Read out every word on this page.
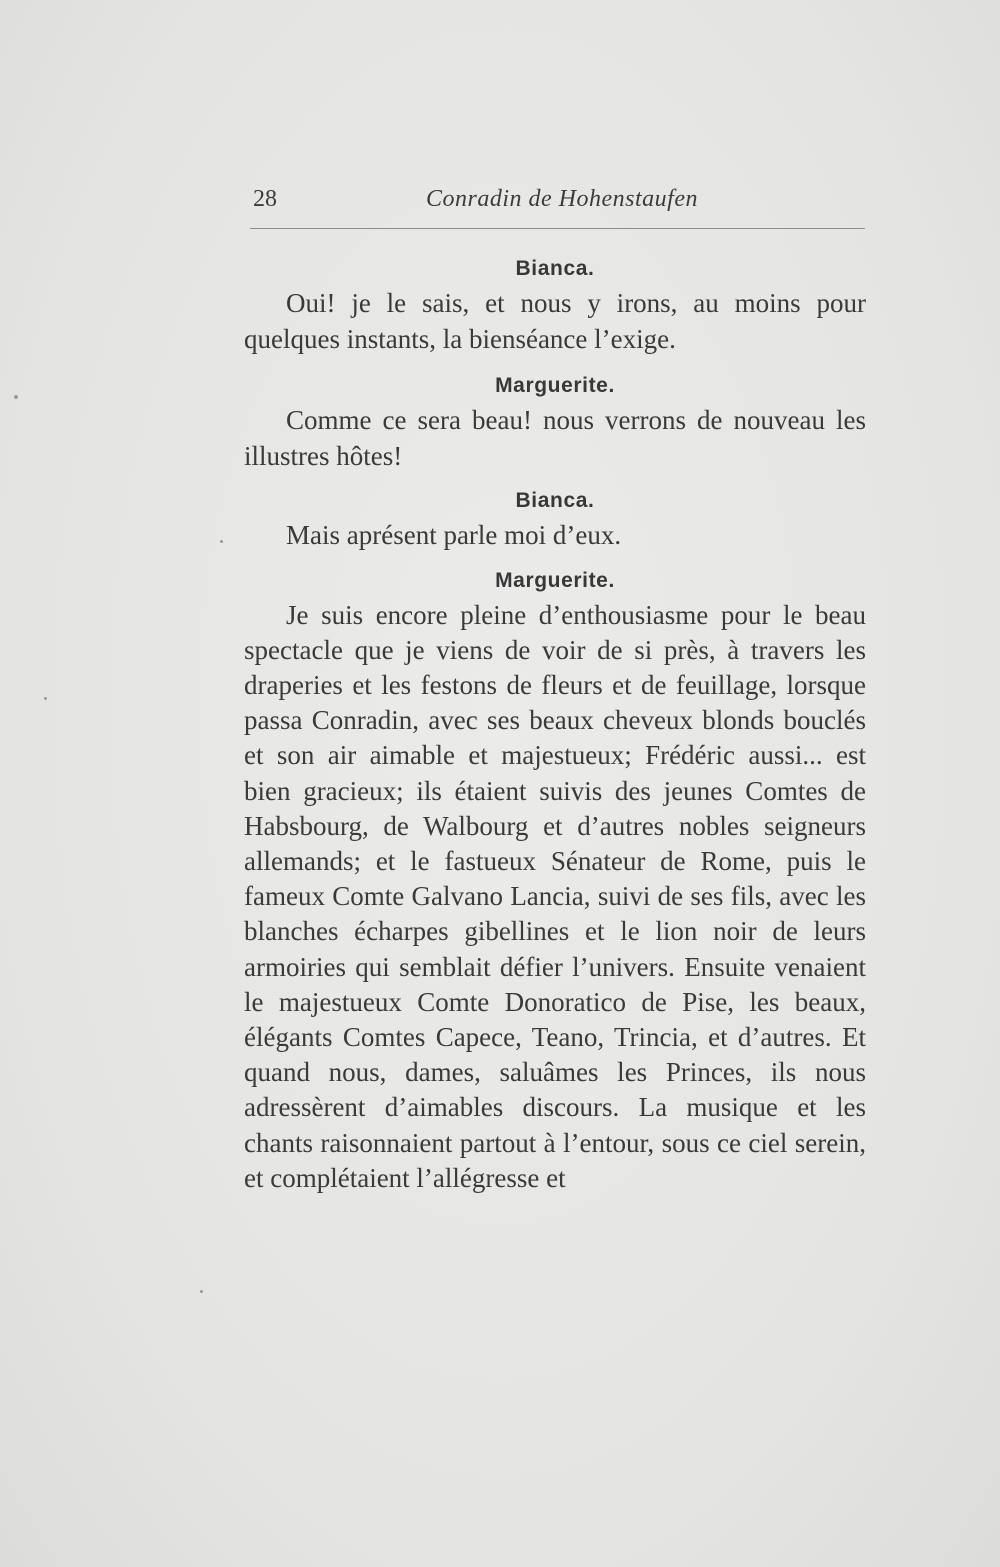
28	Conradin de Hohenstaufen

Bianca.

Oui! je le sais, et nous y irons, au moins pour quelques instants, la bienséance l’exige.

Marguerite.

Comme ce sera beau! nous verrons de nouveau les illustres hôtes!

Bianca.

Mais aprésent parle moi d’eux.

Marguerite.

Je suis encore pleine d’enthousiasme pour le beau spectacle que je viens de voir de si près, à travers les draperies et les festons de fleurs et de feuillage, lorsque passa Conradin, avec ses beaux cheveux blonds bouclés et son air aimable et majestueux; Frédéric aussi... est bien gracieux; ils étaient suivis des jeunes Comtes de Habsbourg, de Walbourg et d’autres nobles seigneurs allemands; et le fastueux Sénateur de Rome, puis le fameux Comte Galvano Lancia, suivi de ses fils, avec les blanches écharpes gibellines et le lion noir de leurs armoiries qui semblait défier l’univers. Ensuite venaient le majestueux Comte Donoratico de Pise, les beaux, élégants Comtes Capece, Teano, Trincia, et d’autres. Et quand nous, dames, saluâmes les Princes, ils nous adressèrent d’aimables discours. La musique et les chants raisonnaient partout à l’entour, sous ce ciel serein, et complétaient l’allégresse et
